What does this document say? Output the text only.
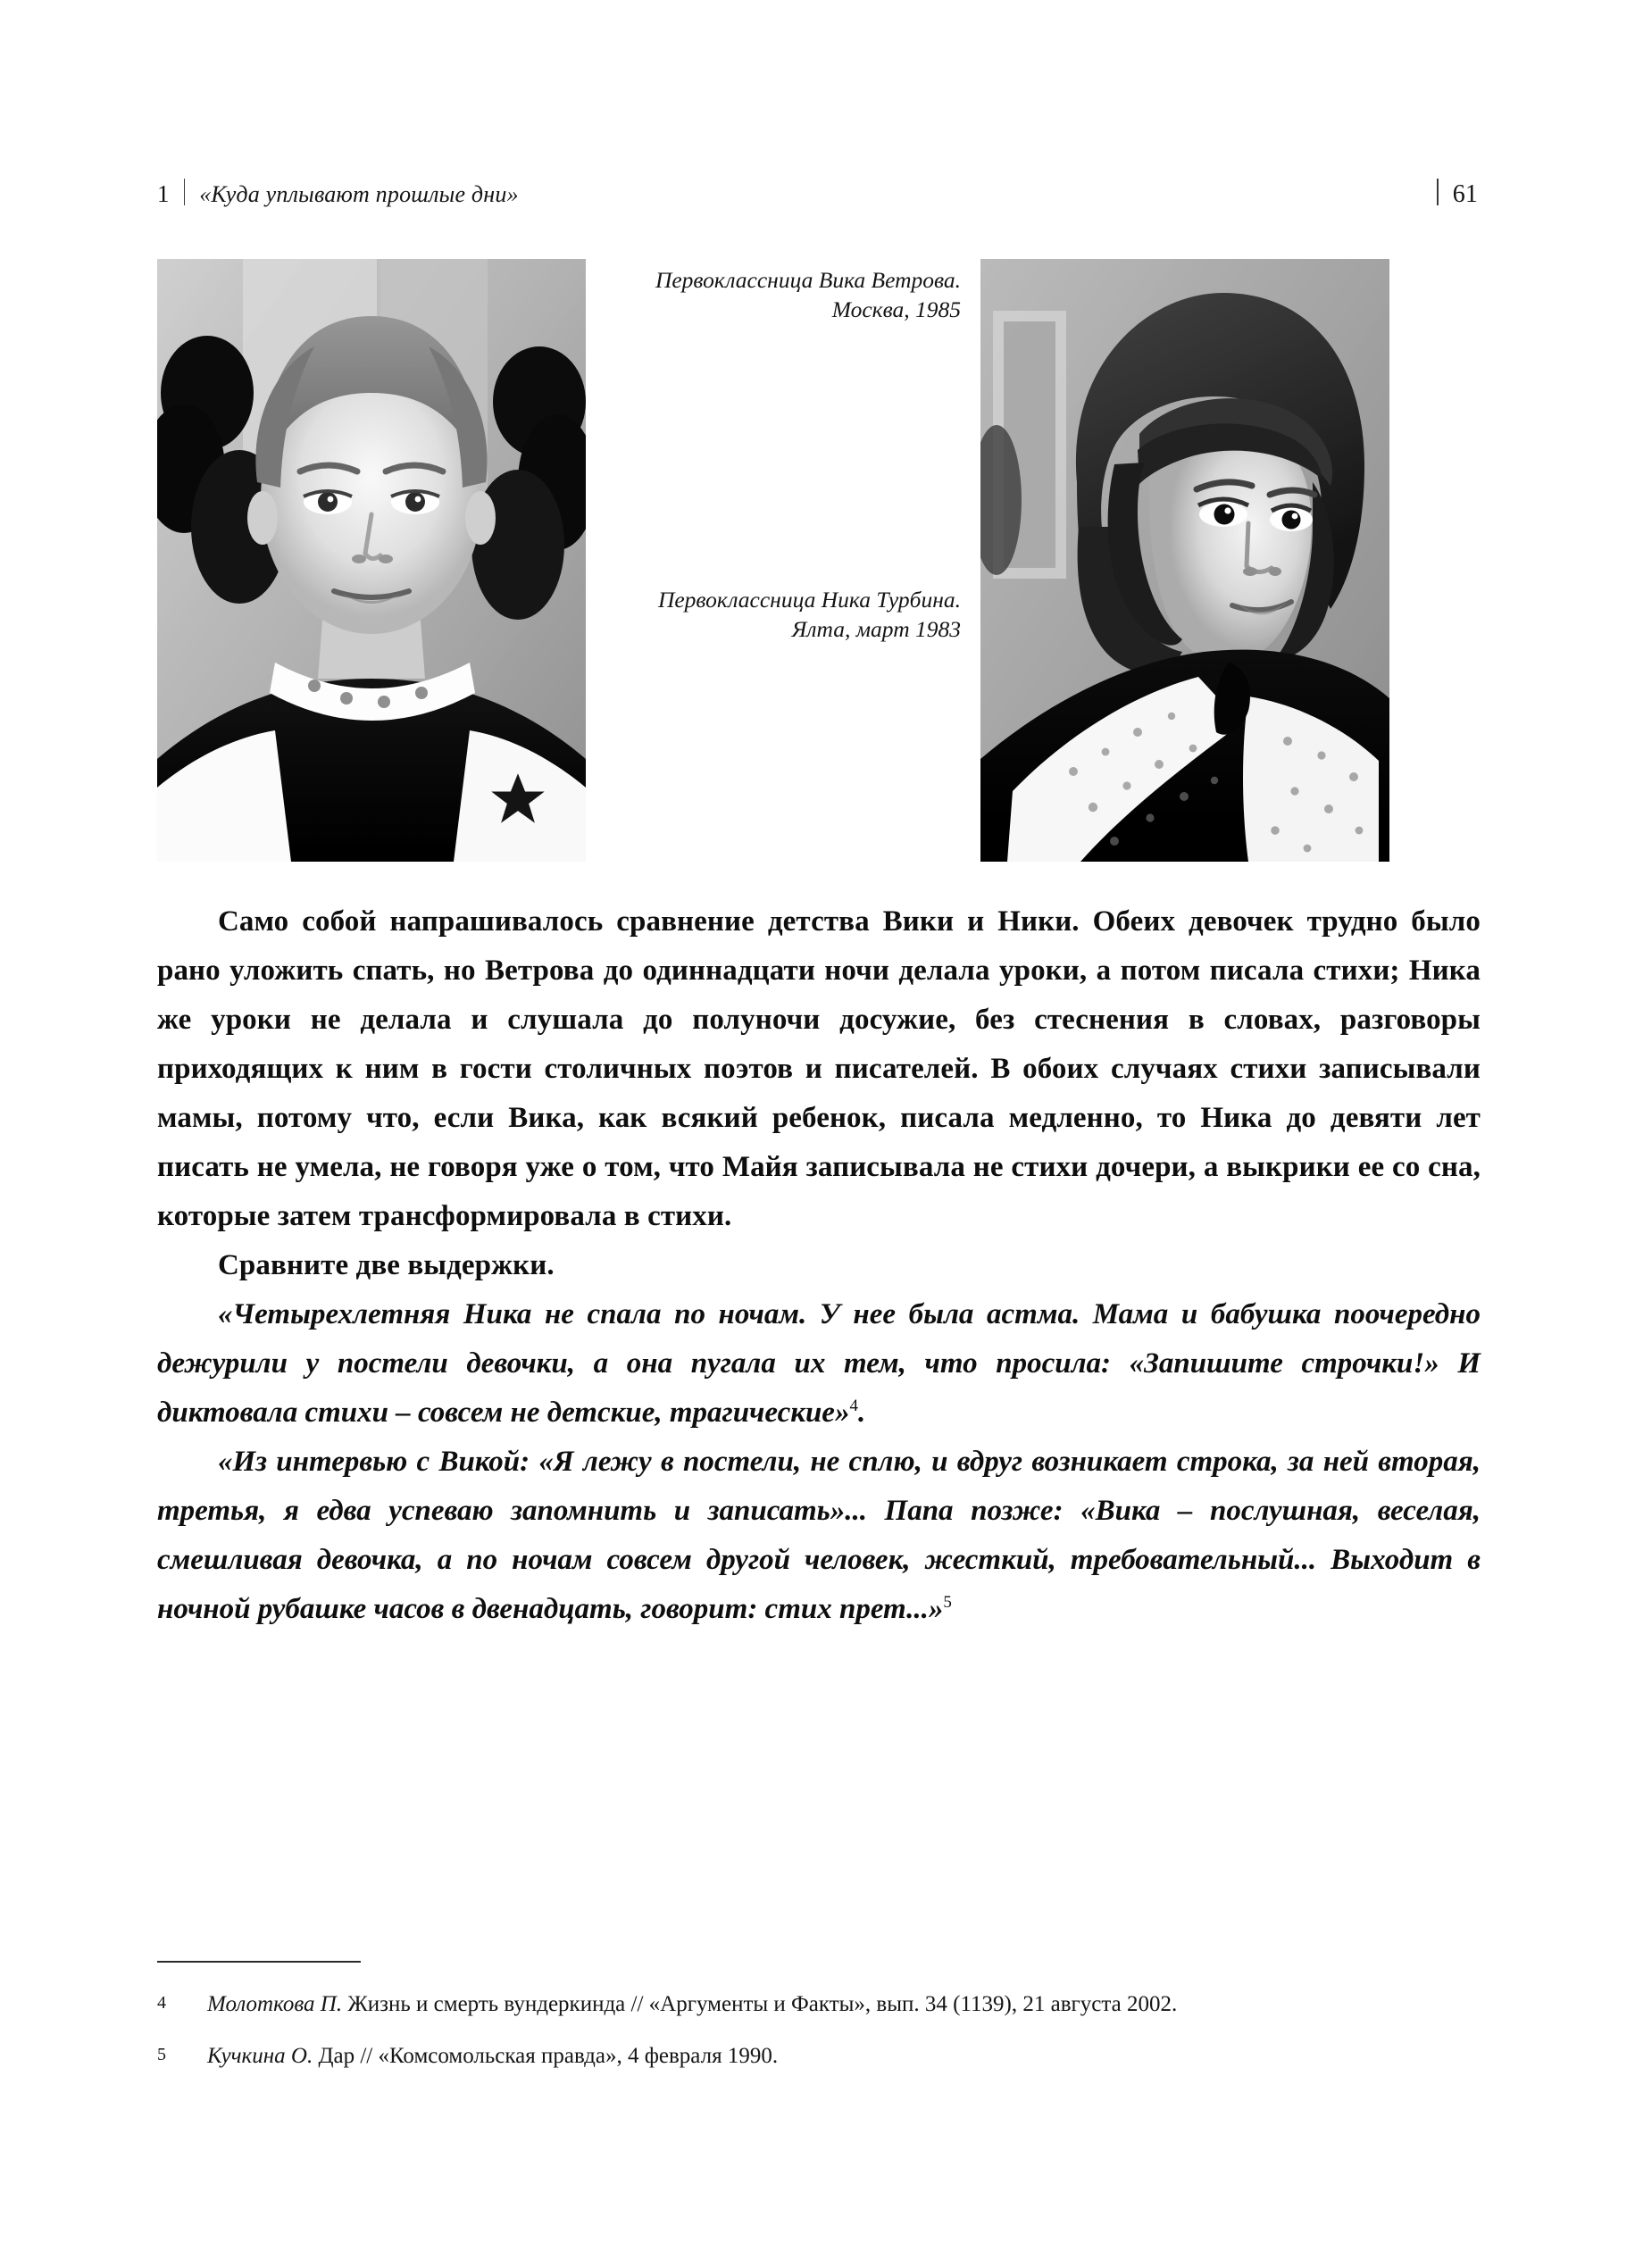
1 «Куда уплывают прошлые дни»	61
Первоклассница Вика Ветрова. Москва, 1985
Первоклассница Ника Турбина. Ялта, март 1983

Само собой напрашивалось сравнение детства Вики и Ники. Обеих девочек трудно было рано уложить спать, но Ветрова до одиннадцати ночи делала уроки, а потом писала стихи; Ника же уроки не делала и слушала до полуночи досужие, без стеснения в словах, разговоры приходящих к ним в гости столичных поэтов и писателей. В обоих случаях стихи записывали мамы, потому что, если Вика, как всякий ребенок, писала медленно, то Ника до девяти лет писать не умела, не говоря уже о том, что Майя записывала не стихи дочери, а выкрики ее со сна, которые затем трансформировала в стихи.

Сравните две выдержки.

«Четырехлетняя Ника не спала по ночам. У нее была астма. Мама и бабушка поочередно дежурили у постели девочки, а она пугала их тем, что просила: «Запишите строчки!» И диктовала стихи – совсем не детские, трагические»$^4$.

«Из интервью с Викой: «Я лежу в постели, не сплю, и вдруг возникает строка, за ней вторая, третья, я едва успеваю запомнить и записать»... Папа позже: «Вика – послушная, веселая, смешливая девочка, а по ночам совсем другой человек, жесткий, требовательный... Выходит в ночной рубашке часов в двенадцать, говорит: стих прет...»$^5$

4	Молоткова П. Жизнь и смерть вундеркинда // «Аргументы и Факты», вып. 34 (1139), 21 августа 2002.
5	Кучкина О. Дар // «Комсомольская правда», 4 февраля 1990.
